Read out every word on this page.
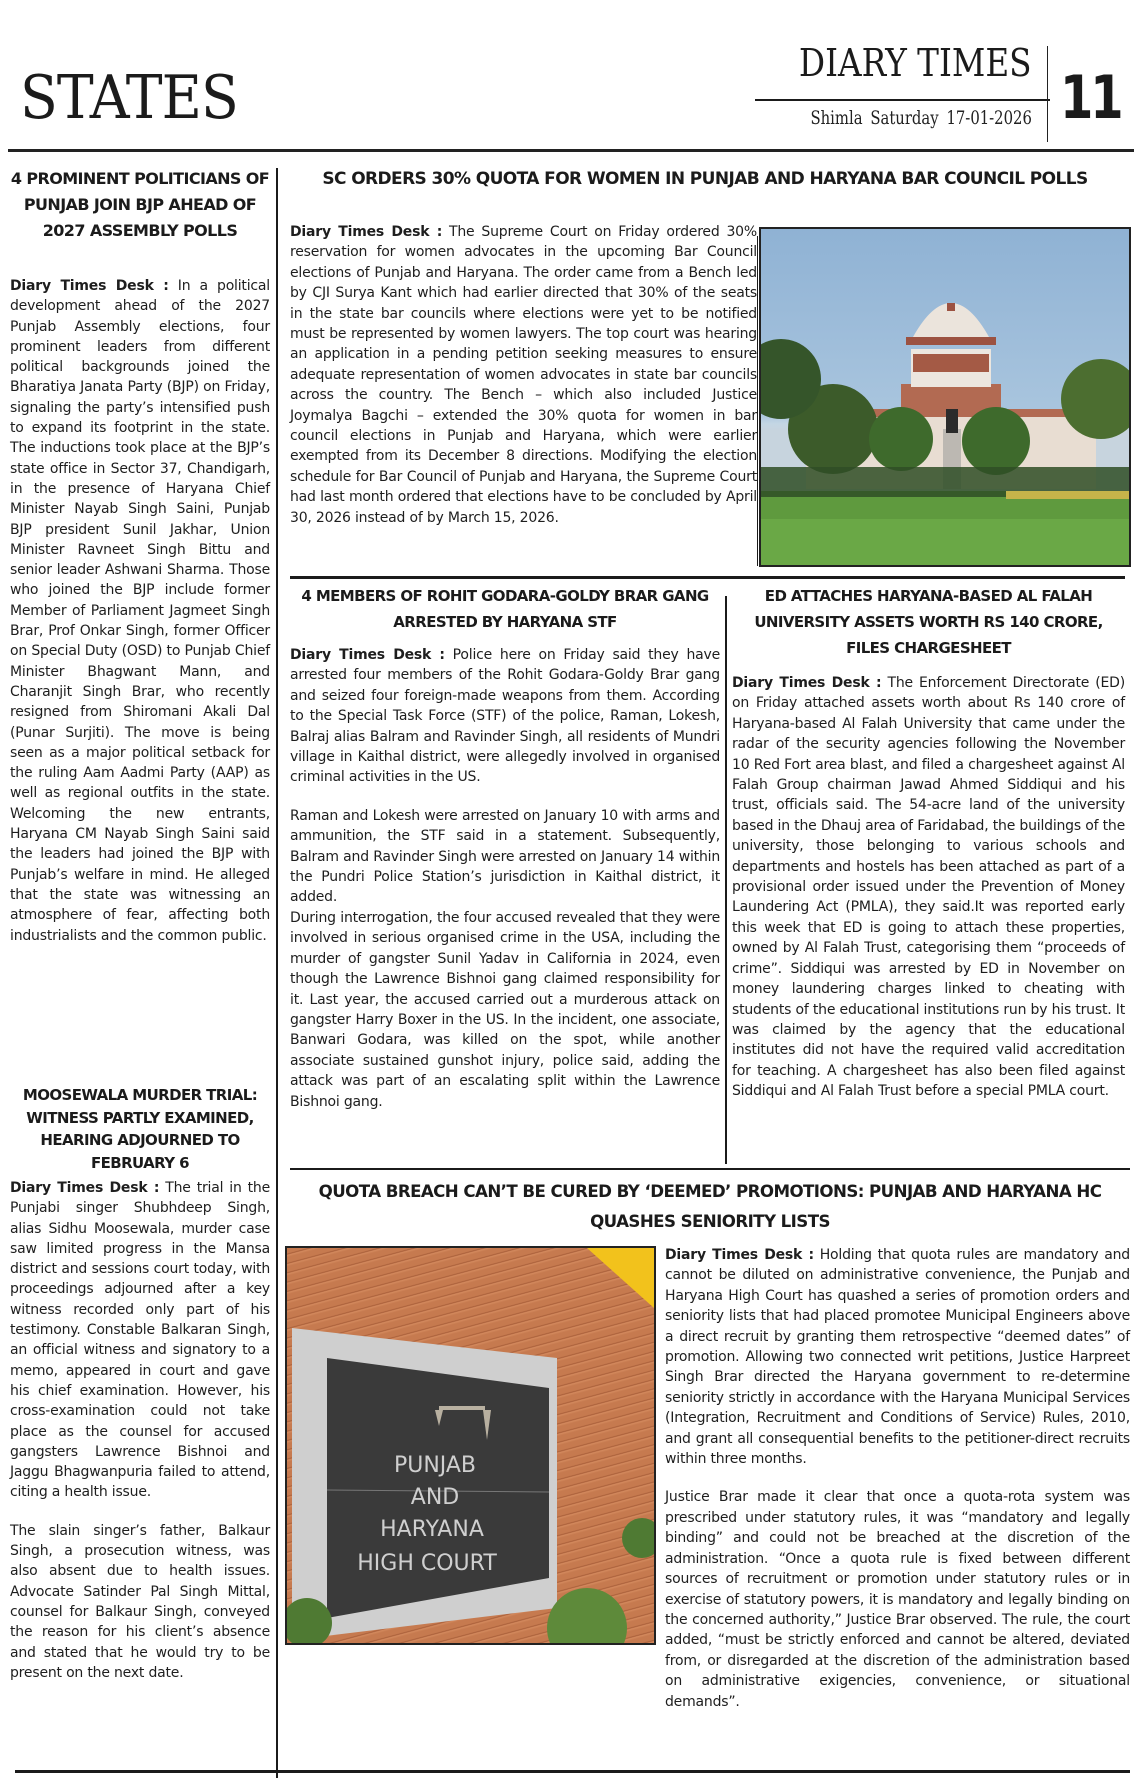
STATES	DIARY TIMES
Shimla Saturday 17-01-2026 11
4 PROMINENT POLITICIANS OF PUNJAB JOIN BJP AHEAD OF 2027 ASSEMBLY POLLS

Diary Times Desk : In a political development ahead of the 2027 Punjab Assembly elections, four prominent leaders from different political backgrounds joined the Bharatiya Janata Party (BJP) on Friday, signaling the party’s intensified push to expand its footprint in the state. The inductions took place at the BJP’s state office in Sector 37, Chandigarh, in the presence of Haryana Chief Minister Nayab Singh Saini, Punjab BJP president Sunil Jakhar, Union Minister Ravneet Singh Bittu and senior leader Ashwani Sharma. Those who joined the BJP include former Member of Parliament Jagmeet Singh Brar, Prof Onkar Singh, former Officer on Special Duty (OSD) to Punjab Chief Minister Bhagwant Mann, and Charanjit Singh Brar, who recently resigned from Shiromani Akali Dal (Punar Surjiti). The move is being seen as a major political setback for the ruling Aam Aadmi Party (AAP) as well as regional outfits in the state. Welcoming the new entrants, Haryana CM Nayab Singh Saini said the leaders had joined the BJP with Punjab’s welfare in mind. He alleged that the state was witnessing an atmosphere of fear, affecting both industrialists and the common public.

MOOSEWALA MURDER TRIAL: WITNESS PARTLY EXAMINED, HEARING ADJOURNED TO FEBRUARY 6

Diary Times Desk : The trial in the Punjabi singer Shubhdeep Singh, alias Sidhu Moosewala, murder case saw limited progress in the Mansa district and sessions court today, with proceedings adjourned after a key witness recorded only part of his testimony. Constable Balkaran Singh, an official witness and signatory to a memo, appeared in court and gave his chief examination. However, his cross-examination could not take place as the counsel for accused gangsters Lawrence Bishnoi and Jaggu Bhagwanpuria failed to attend, citing a health issue.

The slain singer’s father, Balkaur Singh, a prosecution witness, was also absent due to health issues. Advocate Satinder Pal Singh Mittal, counsel for Balkaur Singh, conveyed the reason for his client’s absence and stated that he would try to be present on the next date.

SC ORDERS 30% QUOTA FOR WOMEN IN PUNJAB AND HARYANA BAR COUNCIL POLLS

Diary Times Desk : The Supreme Court on Friday ordered 30% reservation for women advocates in the upcoming Bar Council elections of Punjab and Haryana. The order came from a Bench led by CJI Surya Kant which had earlier directed that 30% of the seats in the state bar councils where elections were yet to be notified must be represented by women lawyers. The top court was hearing an application in a pending petition seeking measures to ensure adequate representation of women advocates in state bar councils across the country. The Bench – which also included Justice Joymalya Bagchi – extended the 30% quota for women in bar council elections in Punjab and Haryana, which were earlier exempted from its December 8 directions. Modifying the election schedule for Bar Council of Punjab and Haryana, the Supreme Court had last month ordered that elections have to be concluded by April 30, 2026 instead of by March 15, 2026.

4 MEMBERS OF ROHIT GODARA-GOLDY BRAR GANG ARRESTED BY HARYANA STF

Diary Times Desk : Police here on Friday said they have arrested four members of the Rohit Godara-Goldy Brar gang and seized four foreign-made weapons from them. According to the Special Task Force (STF) of the police, Raman, Lokesh, Balraj alias Balram and Ravinder Singh, all residents of Mundri village in Kaithal district, were allegedly involved in organised criminal activities in the US.

Raman and Lokesh were arrested on January 10 with arms and ammunition, the STF said in a statement. Subsequently, Balram and Ravinder Singh were arrested on January 14 within the Pundri Police Station’s jurisdiction in Kaithal district, it added.

During interrogation, the four accused revealed that they were involved in serious organised crime in the USA, including the murder of gangster Sunil Yadav in California in 2024, even though the Lawrence Bishnoi gang claimed responsibility for it. Last year, the accused carried out a murderous attack on gangster Harry Boxer in the US. In the incident, one associate, Banwari Godara, was killed on the spot, while another associate sustained gunshot injury, police said, adding the attack was part of an escalating split within the Lawrence Bishnoi gang.

ED ATTACHES HARYANA-BASED AL FALAH UNIVERSITY ASSETS WORTH RS 140 CRORE, FILES CHARGESHEET

Diary Times Desk : The Enforcement Directorate (ED) on Friday attached assets worth about Rs 140 crore of Haryana-based Al Falah University that came under the radar of the security agencies following the November 10 Red Fort area blast, and filed a chargesheet against Al Falah Group chairman Jawad Ahmed Siddiqui and his trust, officials said. The 54-acre land of the university based in the Dhauj area of Faridabad, the buildings of the university, those belonging to various schools and departments and hostels has been attached as part of a provisional order issued under the Prevention of Money Laundering Act (PMLA), they said.It was reported early this week that ED is going to attach these properties, owned by Al Falah Trust, categorising them “proceeds of crime”. Siddiqui was arrested by ED in November on money laundering charges linked to cheating with students of the educational institutions run by his trust. It was claimed by the agency that the educational institutes did not have the required valid accreditation for teaching. A chargesheet has also been filed against Siddiqui and Al Falah Trust before a special PMLA court.

QUOTA BREACH CAN’T BE CURED BY ‘DEEMED’ PROMOTIONS: PUNJAB AND HARYANA HC QUASHES SENIORITY LISTS
PUNJAB
AND
HARYANA
HIGH COURT

Diary Times Desk : Holding that quota rules are mandatory and cannot be diluted on administrative convenience, the Punjab and Haryana High Court has quashed a series of promotion orders and seniority lists that had placed promotee Municipal Engineers above a direct recruit by granting them retrospective “deemed dates” of promotion. Allowing two connected writ petitions, Justice Harpreet Singh Brar directed the Haryana government to re-determine seniority strictly in accordance with the Haryana Municipal Services (Integration, Recruitment and Conditions of Service) Rules, 2010, and grant all consequential benefits to the petitioner-direct recruits within three months.

Justice Brar made it clear that once a quota-rota system was prescribed under statutory rules, it was “mandatory and legally binding” and could not be breached at the discretion of the administration. “Once a quota rule is fixed between different sources of recruitment or promotion under statutory rules or in exercise of statutory powers, it is mandatory and legally binding on the concerned authority,” Justice Brar observed. The rule, the court added, “must be strictly enforced and cannot be altered, deviated from, or disregarded at the discretion of the administration based on administrative exigencies, convenience, or situational demands”.
